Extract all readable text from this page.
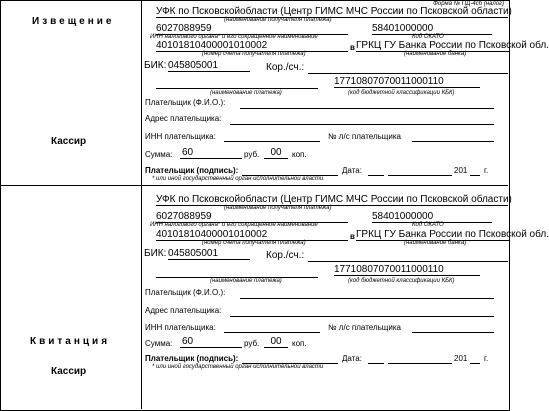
Извещение
Кассир
Квитанция
Кассир
Форма № ПД-4сб (налог)
УФК по Псковскойобласти (Центр ГИМС МЧС России по Псковской области)
(наименование получателя платежа)
6027088959	58401000000
ИНН налогового органа* и его сокращенное наименование	Код ОКАТО
40101810400001010002	в ГРКЦ ГУ Банка России по Псковской обл.
(номер счета получателя платежа)	(наименование банка)
БИК: 045805001	Кор./сч.:
17710807070011000110
(наименование платежа)	(код бюджетной классификации КБК)
Плательщик (Ф.И.О.):
Адрес плательщика:
ИНН плательщика:	№ л/с плательщика
Сумма: 60	руб.	00	коп.
Плательщик (подпись):	Дата:	201 г.
* или иной государственный орган исполнительной власти
УФК по Псковскойобласти (Центр ГИМС МЧС России по Псковской области)
(наименование получателя платежа)
6027088959	58401000000
ИНН налогового органа* и его сокращенное наименование	Код ОКАТО
40101810400001010002	в ГРКЦ ГУ Банка России по Псковской обл.
(номер счета получателя платежа)	(наименование банка)
БИК: 045805001	Кор./сч.:
17710807070011000110
(наименование платежа)	(код бюджетной классификации КБК)
Плательщик (Ф.И.О.):
Адрес плательщика:
ИНН плательщика:	№ л/с плательщика
Сумма: 60	руб.	00	коп.
Плательщик (подпись):	Дата:	201 г.
* или иной государственный орган исполнительной власти
